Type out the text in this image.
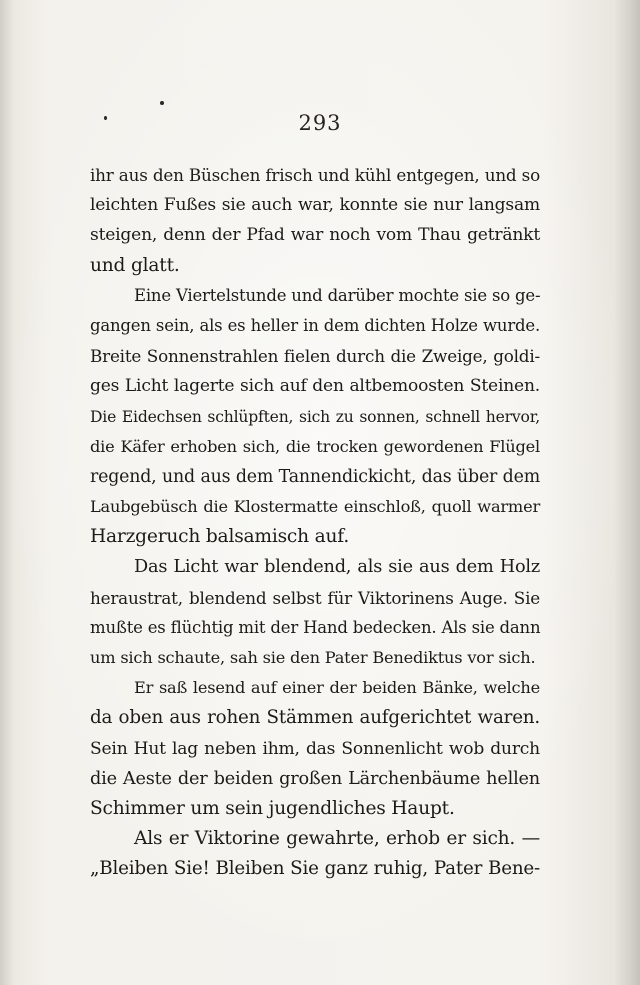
293
ihr aus den Büschen frisch und kühl entgegen, und so
leichten Fußes sie auch war, konnte sie nur langsam
steigen, denn der Pfad war noch vom Thau getränkt
und glatt.
Eine Viertelstunde und darüber mochte sie so ge-
gangen sein, als es heller in dem dichten Holze wurde.
Breite Sonnenstrahlen fielen durch die Zweige, goldi-
ges Licht lagerte sich auf den altbemoosten Steinen.
Die Eidechsen schlüpften, sich zu sonnen, schnell hervor,
die Käfer erhoben sich, die trocken gewordenen Flügel
regend, und aus dem Tannendickicht, das über dem
Laubgebüsch die Klostermatte einschloß, quoll warmer
Harzgeruch balsamisch auf.
Das Licht war blendend, als sie aus dem Holz
heraustrat, blendend selbst für Viktorinens Auge. Sie
mußte es flüchtig mit der Hand bedecken. Als sie dann
um sich schaute, sah sie den Pater Benediktus vor sich.
Er saß lesend auf einer der beiden Bänke, welche
da oben aus rohen Stämmen aufgerichtet waren.
Sein Hut lag neben ihm, das Sonnenlicht wob durch
die Aeste der beiden großen Lärchenbäume hellen
Schimmer um sein jugendliches Haupt.
Als er Viktorine gewahrte, erhob er sich. —
„Bleiben Sie! Bleiben Sie ganz ruhig, Pater Bene-
